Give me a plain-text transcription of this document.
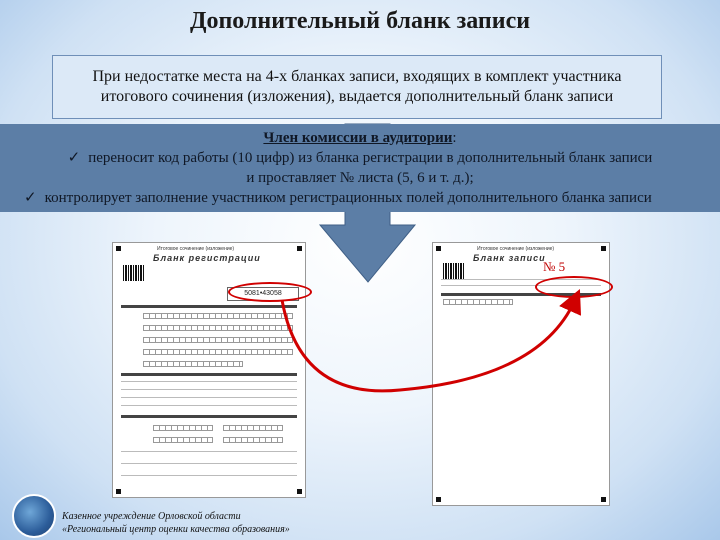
Дополнительный бланк записи
При недостатке места на 4-х бланках записи, входящих в комплект участника
итогового сочинения (изложения), выдается дополнительный бланк записи
Член комиссии в аудитории:
✓ переносит код работы (10 цифр) из бланка регистрации в дополнительный бланк записи
и проставляет № листа (5, 6 и т. д.);
✓ контролирует заполнение участником регистрационных полей дополнительного бланка записи
Итоговое сочинение (изложение)
Бланк регистрации
5081•43058
Итоговое сочинение (изложение)
Бланк записи
№ 5
Казенное учреждение Орловской области
«Региональный центр оценки качества образования»
